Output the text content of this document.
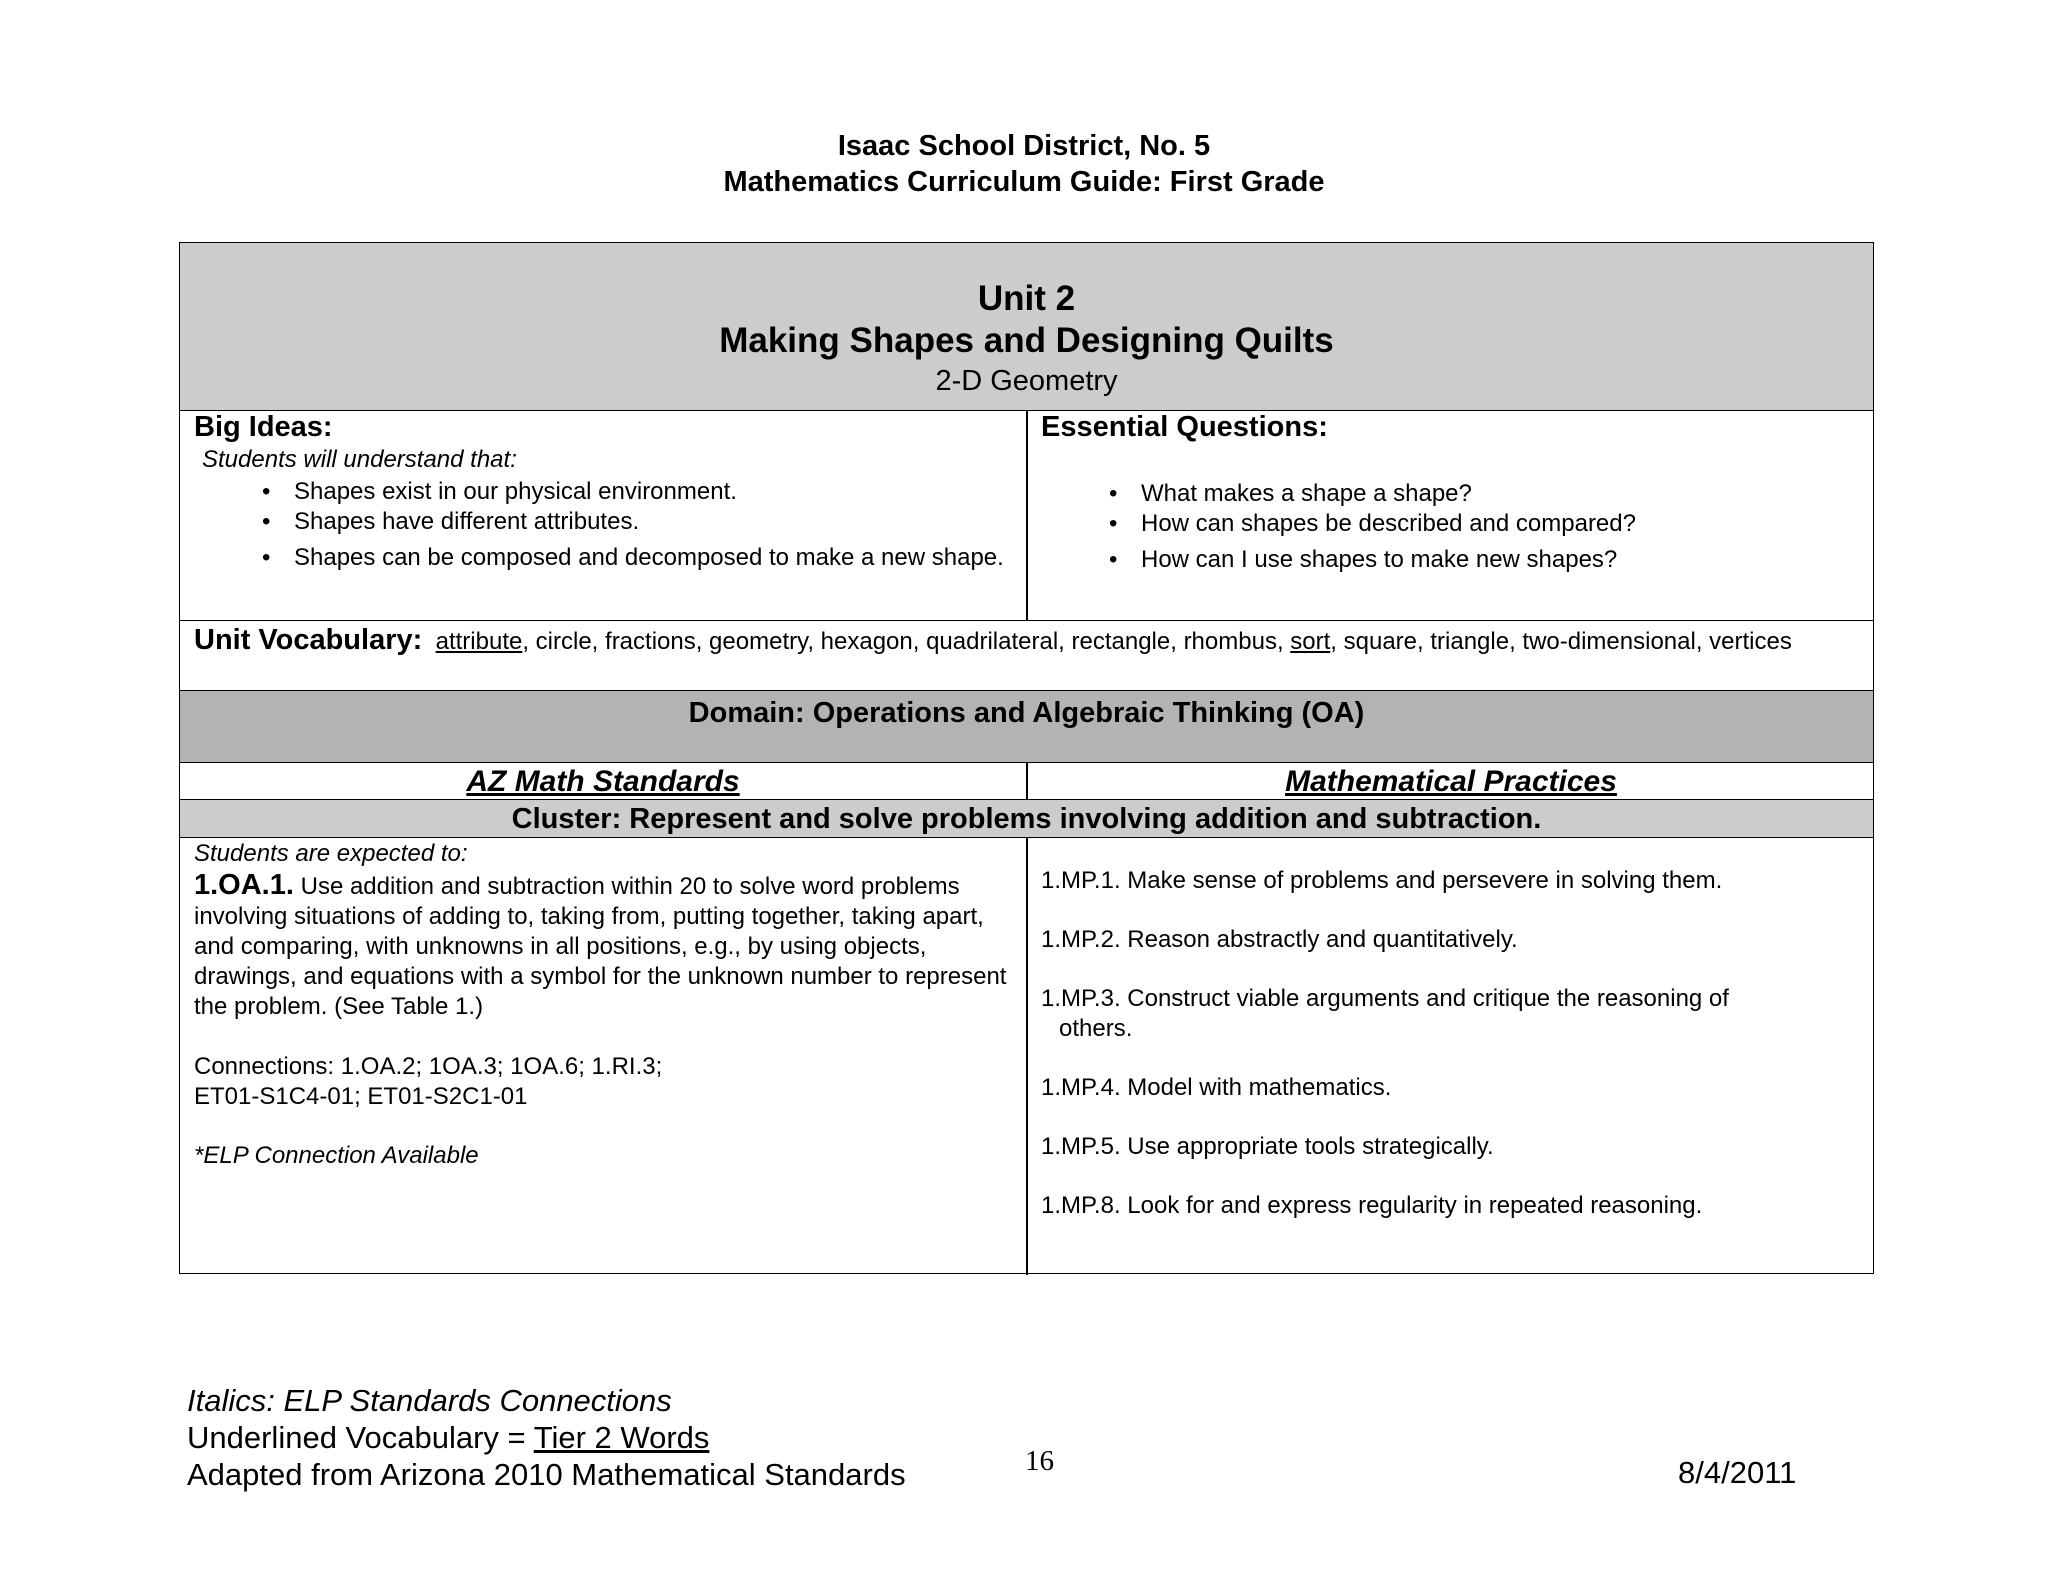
Isaac School District, No. 5
Mathematics Curriculum Guide: First Grade
Unit 2
Making Shapes and Designing Quilts
2-D Geometry
Big Ideas:
Students will understand that:
• Shapes exist in our physical environment.
• Shapes have different attributes.
• Shapes can be composed and decomposed to make a new shape.
Essential Questions:
• What makes a shape a shape?
• How can shapes be described and compared?
• How can I use shapes to make new shapes?
Unit Vocabulary: attribute, circle, fractions, geometry, hexagon, quadrilateral, rectangle, rhombus, sort, square, triangle, two-dimensional, vertices
Domain: Operations and Algebraic Thinking (OA)
AZ Math Standards	Mathematical Practices
Cluster: Represent and solve problems involving addition and subtraction.
Students are expected to:
1.OA.1. Use addition and subtraction within 20 to solve word problems involving situations of adding to, taking from, putting together, taking apart, and comparing, with unknowns in all positions, e.g., by using objects, drawings, and equations with a symbol for the unknown number to represent the problem. (See Table 1.)
Connections: 1.OA.2; 1OA.3; 1OA.6; 1.RI.3;
ET01-S1C4-01; ET01-S2C1-01
*ELP Connection Available
1.MP.1. Make sense of problems and persevere in solving them.
1.MP.2. Reason abstractly and quantitatively.
1.MP.3. Construct viable arguments and critique the reasoning of
others.
1.MP.4. Model with mathematics.
1.MP.5. Use appropriate tools strategically.
1.MP.8. Look for and express regularity in repeated reasoning.
Italics: ELP Standards Connections
Underlined Vocabulary = Tier 2 Words
Adapted from Arizona 2010 Mathematical Standards	16	8/4/2011
